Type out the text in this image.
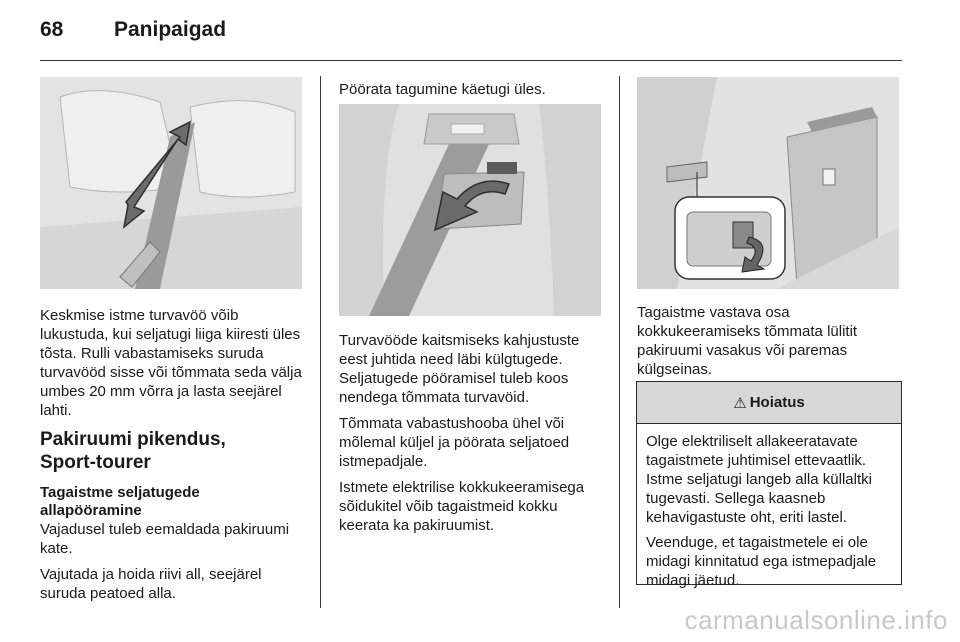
68 Panipaigad

Keskmise istme turvavöö võib lukustuda, kui seljatugi liiga kiiresti üles tõsta. Rulli vabastamiseks suruda turvavööd sisse või tõmmata seda välja umbes 20 mm võrra ja lasta seejärel lahti.

Pakiruumi pikendus,
Sport-tourer
Tagaistme seljatugede
allapööramine

Vajadusel tuleb eemaldada pakiruumi kate.

Vajutada ja hoida riivi all, seejärel suruda peatoed alla.

Pöörata tagumine käetugi üles.

Turvavööde kaitsmiseks kahjustuste eest juhtida need läbi külgtugede. Seljatugede pööramisel tuleb koos nendega tõmmata turvavöid.

Tõmmata vabastushooba ühel või mõlemal küljel ja pöörata seljatoed istmepadjale.

Istmete elektrilise kokkukeeramisega sõidukitel võib tagaistmeid kokku keerata ka pakiruumist.

Tagaistme vastava osa kokkukeeramiseks tõmmata lülitit pakiruumi vasakus või paremas külgseinas.

⚠ Hoiatus

Olge elektriliselt allakeeratavate tagaistmete juhtimisel ettevaatlik. Istme seljatugi langeb alla küllaltki tugevasti. Sellega kaasneb kehavigastuste oht, eriti lastel.

Veenduge, et tagaistmetele ei ole midagi kinnitatud ega istmepadjale midagi jäetud.

carmanualsonline.info
